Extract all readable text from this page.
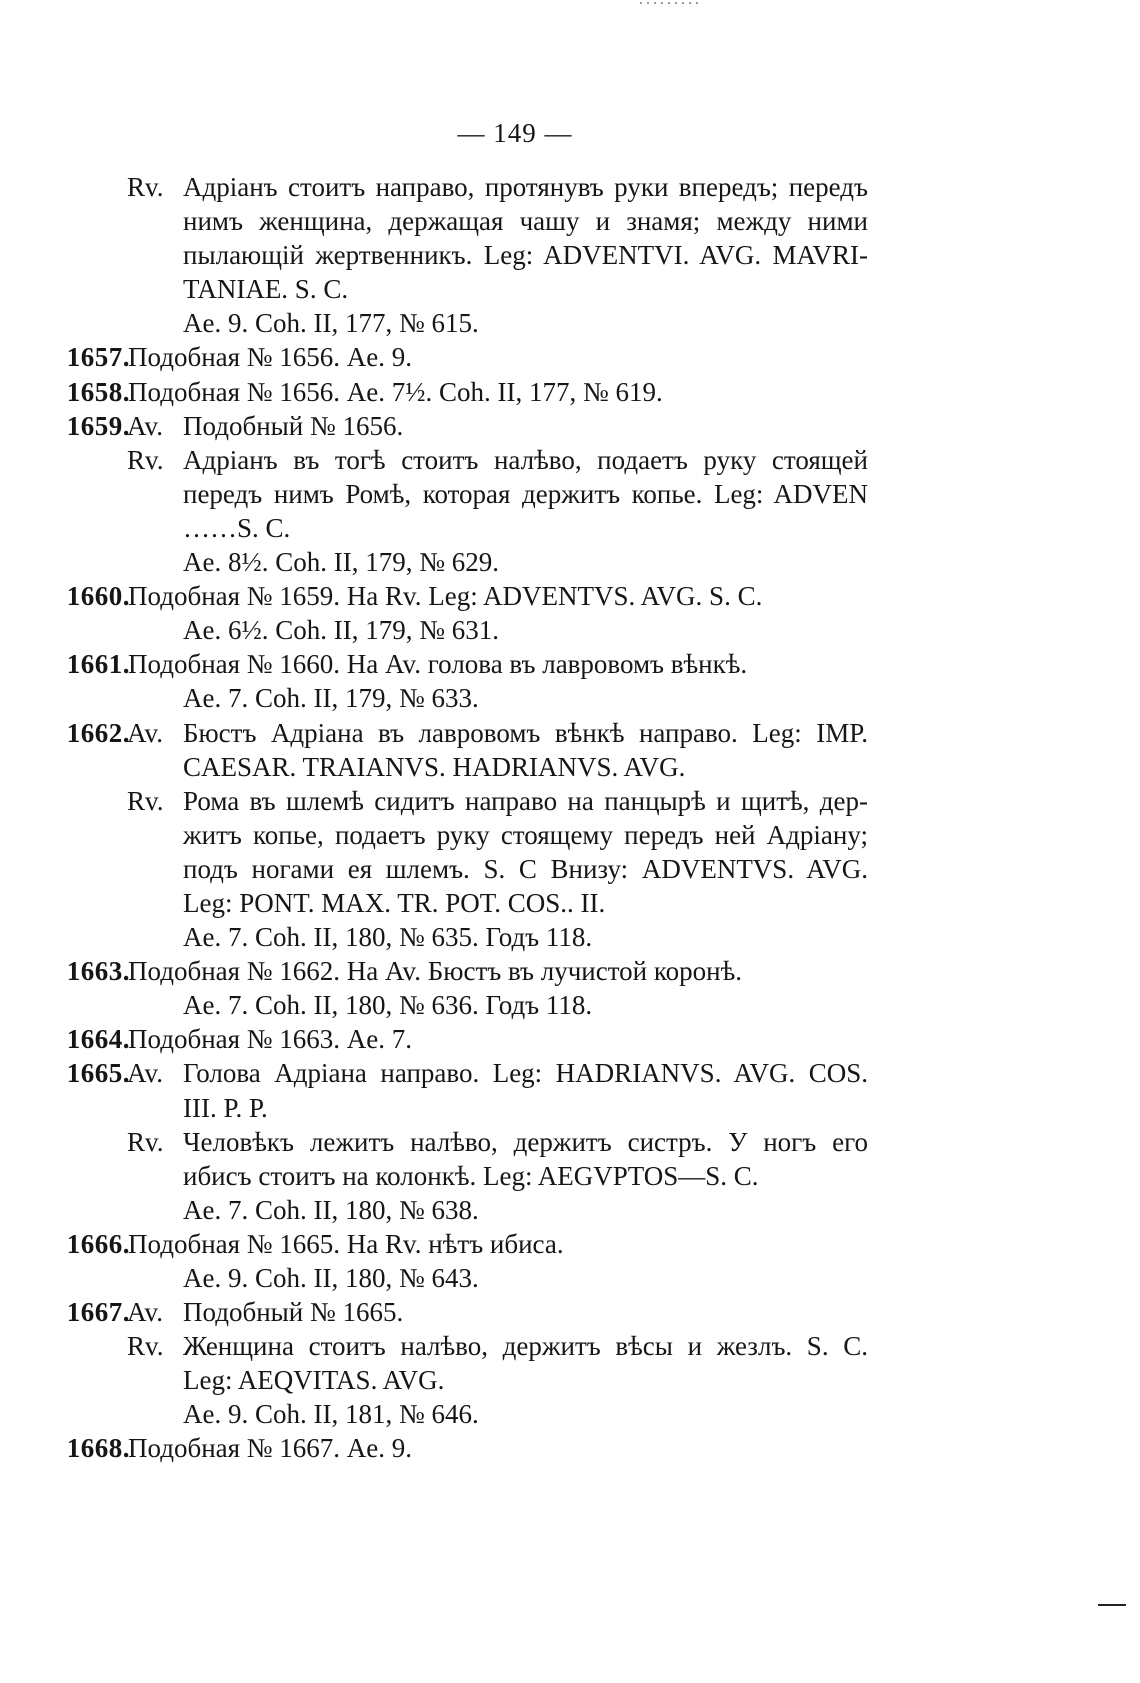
— 149 —
Rv. Адріанъ стоитъ направо, протянувъ руки впередъ; передъ
нимъ женщина, держащая чашу и знамя; между ними
пылающій жертвенникъ. Leg: ADVENTVI. AVG. MAVRI-
TANIAE. S. C.
Ae. 9. Coh. II, 177, № 615.
1657.
Подобная № 1656. Ae. 9.
1658.
Подобная № 1656. Ae. 7½. Coh. II, 177, № 619.
1659.
Av. Подобный № 1656.
Rv. Адріанъ въ тогѣ стоитъ налѣво, подаетъ руку стоящей
передъ нимъ Ромѣ, которая держитъ копье. Leg: ADVEN
……S. C.
Ae. 8½. Coh. II, 179, № 629.
1660.
Подобная № 1659. На Rv. Leg: ADVENTVS. AVG. S. C.
Ae. 6½. Coh. II, 179, № 631.
1661.
Подобная № 1660. На Av. голова въ лавровомъ вѣнкѣ.
Ae. 7. Coh. II, 179, № 633.
1662.
Av. Бюстъ Адріана въ лавровомъ вѣнкѣ направо. Leg: IMP.
CAESAR. TRAIANVS. HADRIANVS. AVG.
Rv. Рома въ шлемѣ сидитъ направо на панцырѣ и щитѣ, дер-
житъ копье, подаетъ руку стоящему передъ ней Адріану;
подъ ногами ея шлемъ. S. C Внизу: ADVENTVS. AVG.
Leg: PONT. MAX. TR. POT. COS.. II.
Ae. 7. Coh. II, 180, № 635. Годъ 118.
1663.
Подобная № 1662. На Av. Бюстъ въ лучистой коронѣ.
Ae. 7. Coh. II, 180, № 636. Годъ 118.
1664.
Подобная № 1663. Ae. 7.
1665.
Av. Голова Адріана направо. Leg: HADRIANVS. AVG. COS.
III. P. P.
Rv. Человѣкъ лежитъ налѣво, держитъ систръ. У ногъ его
ибисъ стоитъ на колонкѣ. Leg: AEGVPTOS—S. C.
Ae. 7. Coh. II, 180, № 638.
1666.
Подобная № 1665. На Rv. нѣтъ ибиса.
Ae. 9. Coh. II, 180, № 643.
1667.
Av. Подобный № 1665.
Rv. Женщина стоитъ налѣво, держитъ вѣсы и жезлъ. S. C.
Leg: AEQVITAS. AVG.
Ae. 9. Coh. II, 181, № 646.
1668.
Подобная № 1667. Ae. 9.
